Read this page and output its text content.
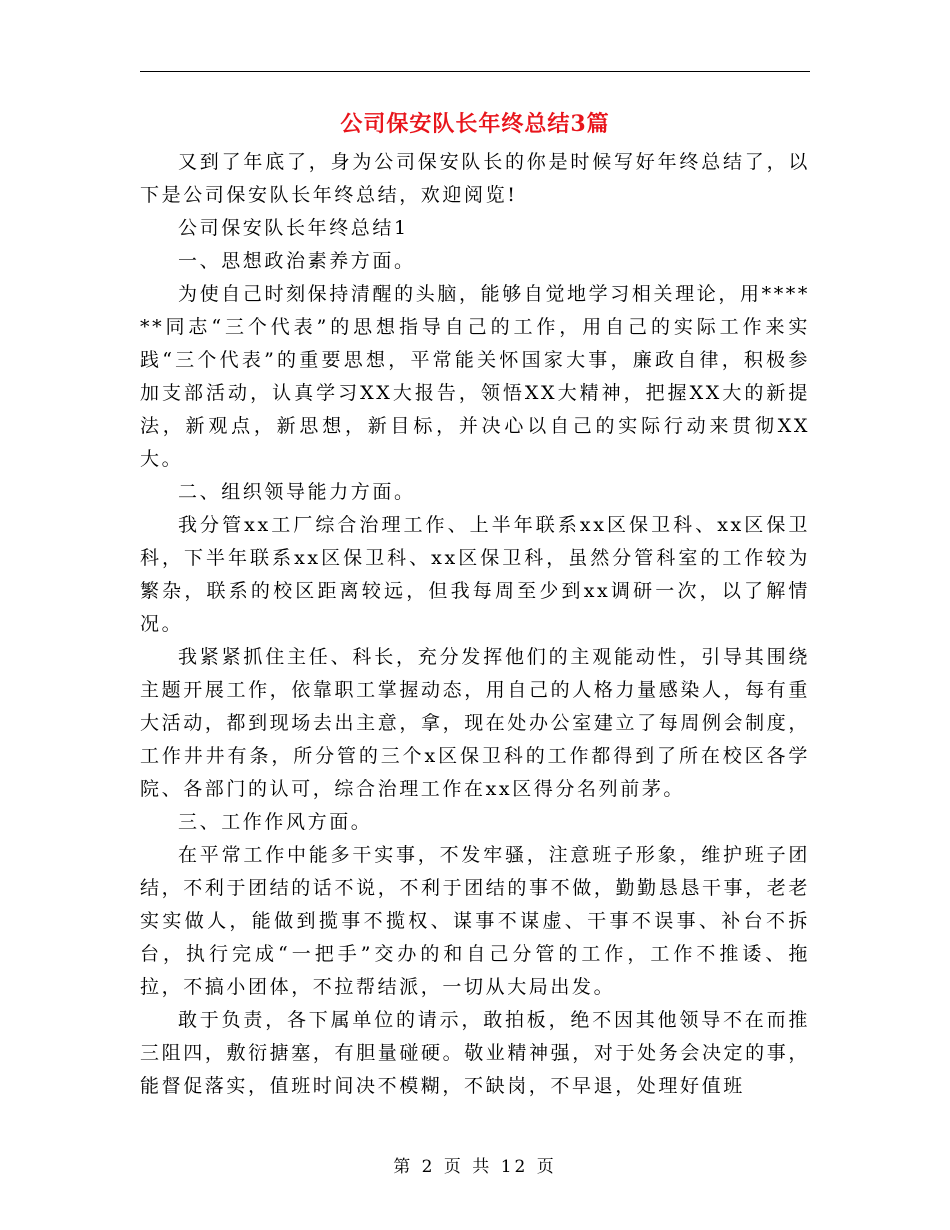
公司保安队长年终总结3篇

又到了年底了，身为公司保安队长的你是时候写好年终总结了，以下是公司保安队长年终总结，欢迎阅览!

公司保安队长年终总结1

一、思想政治素养方面。

为使自己时刻保持清醒的头脑，能够自觉地学习相关理论，用******同志“三个代表”的思想指导自己的工作，用自己的实际工作来实践“三个代表”的重要思想，平常能关怀国家大事，廉政自律，积极参加支部活动，认真学习XX大报告，领悟XX大精神，把握XX大的新提法，新观点，新思想，新目标，并决心以自己的实际行动来贯彻XX大。

二、组织领导能力方面。

我分管xx工厂综合治理工作、上半年联系xx区保卫科、xx区保卫科，下半年联系xx区保卫科、xx区保卫科，虽然分管科室的工作较为繁杂，联系的校区距离较远，但我每周至少到xx调研一次，以了解情况。

我紧紧抓住主任、科长，充分发挥他们的主观能动性，引导其围绕主题开展工作，依靠职工掌握动态，用自己的人格力量感染人，每有重大活动，都到现场去出主意，拿，现在处办公室建立了每周例会制度，工作井井有条，所分管的三个x区保卫科的工作都得到了所在校区各学院、各部门的认可，综合治理工作在xx区得分名列前茅。

三、工作作风方面。

在平常工作中能多干实事，不发牢骚，注意班子形象，维护班子团结，不利于团结的话不说，不利于团结的事不做，勤勤恳恳干事，老老实实做人，能做到揽事不揽权、谋事不谋虚、干事不误事、补台不拆台，执行完成“一把手”交办的和自己分管的工作，工作不推诿、拖拉，不搞小团体，不拉帮结派，一切从大局出发。

敢于负责，各下属单位的请示，敢拍板，绝不因其他领导不在而推三阻四，敷衍搪塞，有胆量碰硬。敬业精神强，对于处务会决定的事，能督促落实，值班时间决不模糊，不缺岗，不早退，处理好值班

第 2 页 共 12 页
